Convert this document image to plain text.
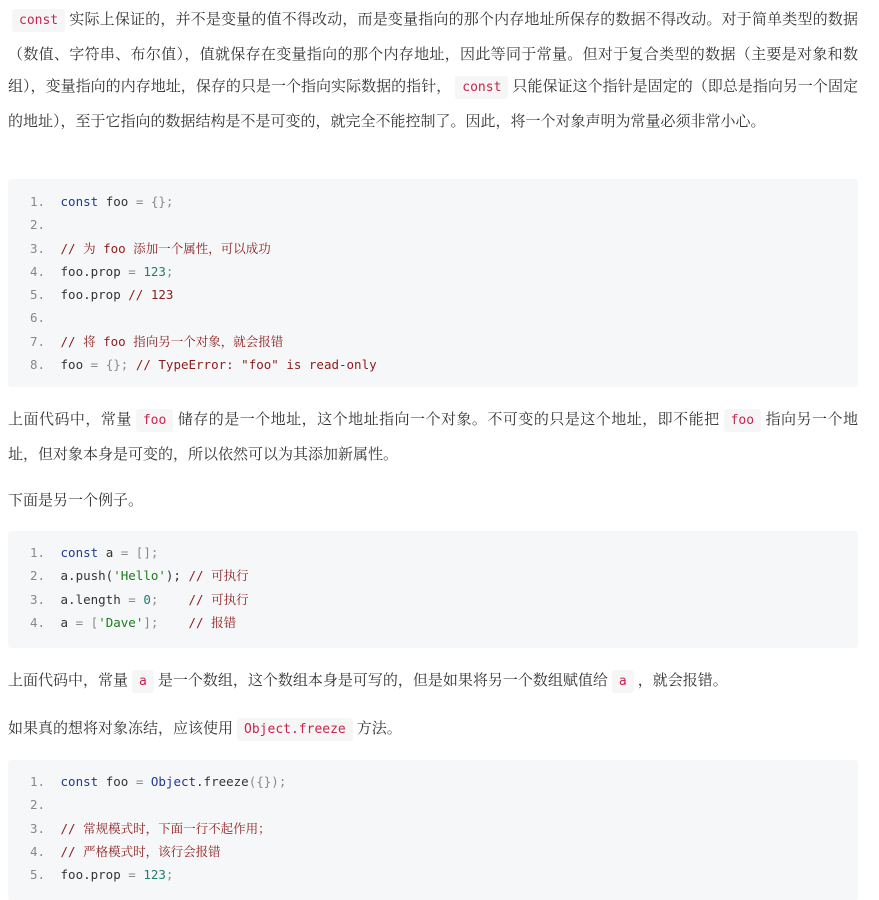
const 实际上保证的，并不是变量的值不得改动，而是变量指向的那个内存地址所保存的数据不得改动。对于简单类型的数据（数值、字符串、布尔值），值就保存在变量指向的那个内存地址，因此等同于常量。但对于复合类型的数据（主要是对象和数组），变量指向的内存地址，保存的只是一个指向实际数据的指针， const 只能保证这个指针是固定的（即总是指向另一个固定的地址），至于它指向的数据结构是不是可变的，就完全不能控制了。因此，将一个对象声明为常量必须非常小心。

1. const foo = {};
2.
3. // 为 foo 添加一个属性，可以成功
4. foo.prop = 123;
5. foo.prop // 123
6.
7. // 将 foo 指向另一个对象，就会报错
8. foo = {}; // TypeError: "foo" is read-only

上面代码中，常量 foo 储存的是一个地址，这个地址指向一个对象。不可变的只是这个地址，即不能把 foo 指向另一个地址，但对象本身是可变的，所以依然可以为其添加新属性。

下面是另一个例子。

1. const a = [];
2. a.push('Hello'); // 可执行
3. a.length = 0; // 可执行
4. a = ['Dave']; // 报错

上面代码中，常量 a 是一个数组，这个数组本身是可写的，但是如果将另一个数组赋值给 a ，就会报错。

如果真的想将对象冻结，应该使用 Object.freeze 方法。

1. const foo = Object.freeze({});
2.
3. // 常规模式时，下面一行不起作用；
4. // 严格模式时，该行会报错
5. foo.prop = 123;
